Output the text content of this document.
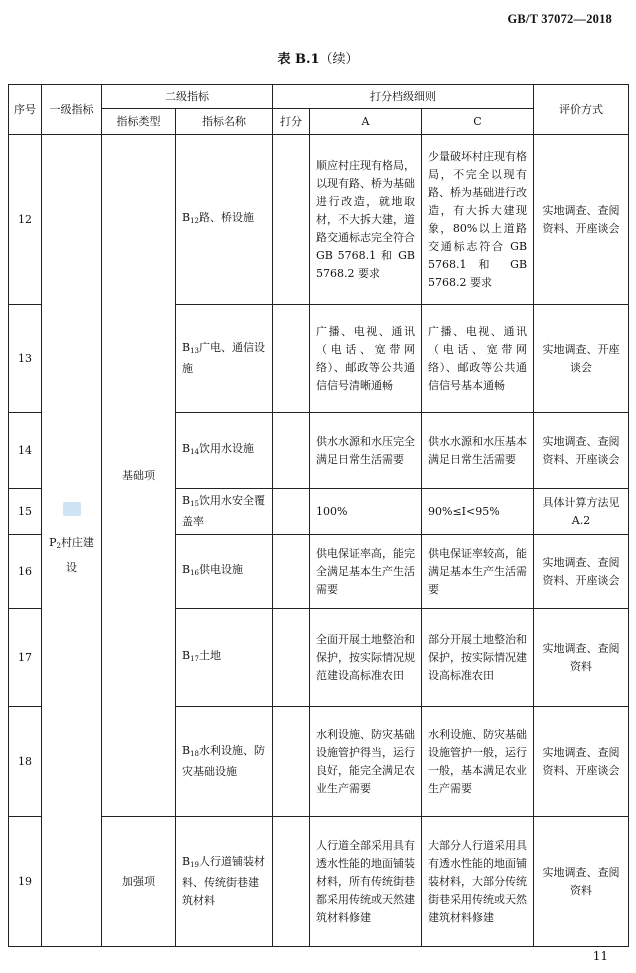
GB/T 37072—2018
表 B.1（续）
序号	一级指标	二级指标		打分档级细则			评价方式
		指标类型	指标名称	打分	A	C	
12	$P_2$村庄建设	基础项	$B_{12}$路、桥设施		顺应村庄现有格局，以现有路、桥为基础进行改造，就地取材，不大拆大建，道路交通标志完全符合 GB 5768.1 和 GB 5768.2 要求	少量破坏村庄现有格局，不完全以现有路、桥为基础进行改造，有大拆大建现象，80%以上道路交通标志符合 GB 5768.1 和 GB 5768.2 要求	实地调查、查阅资料、开座谈会
13			$B_{13}$广电、通信设施		广播、电视、通讯（电话、宽带网络）、邮政等公共通信信号清晰通畅	广播、电视、通讯（电话、宽带网络）、邮政等公共通信信号基本通畅	实地调查、开座谈会
14			$B_{14}$饮用水设施		供水水源和水压完全满足日常生活需要	供水水源和水压基本满足日常生活需要	实地调查、查阅资料、开座谈会
15			$B_{15}$饮用水安全覆盖率		100%	90%≤I<95%	具体计算方法见 A.2
16			$B_{16}$供电设施		供电保证率高，能完全满足基本生产生活需要	供电保证率较高，能满足基本生产生活需要	实地调查、查阅资料、开座谈会
17			$B_{17}$土地		全面开展土地整治和保护，按实际情况规范建设高标准农田	部分开展土地整治和保护，按实际情况建设高标准农田	实地调查、查阅资料
18			$B_{18}$水利设施、防灾基础设施		水利设施、防灾基础设施管护得当，运行良好，能完全满足农业生产需要	水利设施、防灾基础设施管护一般，运行一般，基本满足农业生产需要	实地调查、查阅资料、开座谈会
19		加强项	$B_{19}$人行道铺装材料、传统街巷建筑材料		人行道全部采用具有透水性能的地面铺装材料，所有传统街巷都采用传统或天然建筑材料修建	大部分人行道采用具有透水性能的地面铺装材料，大部分传统街巷采用传统或天然建筑材料修建	实地调查、查阅资料
11
